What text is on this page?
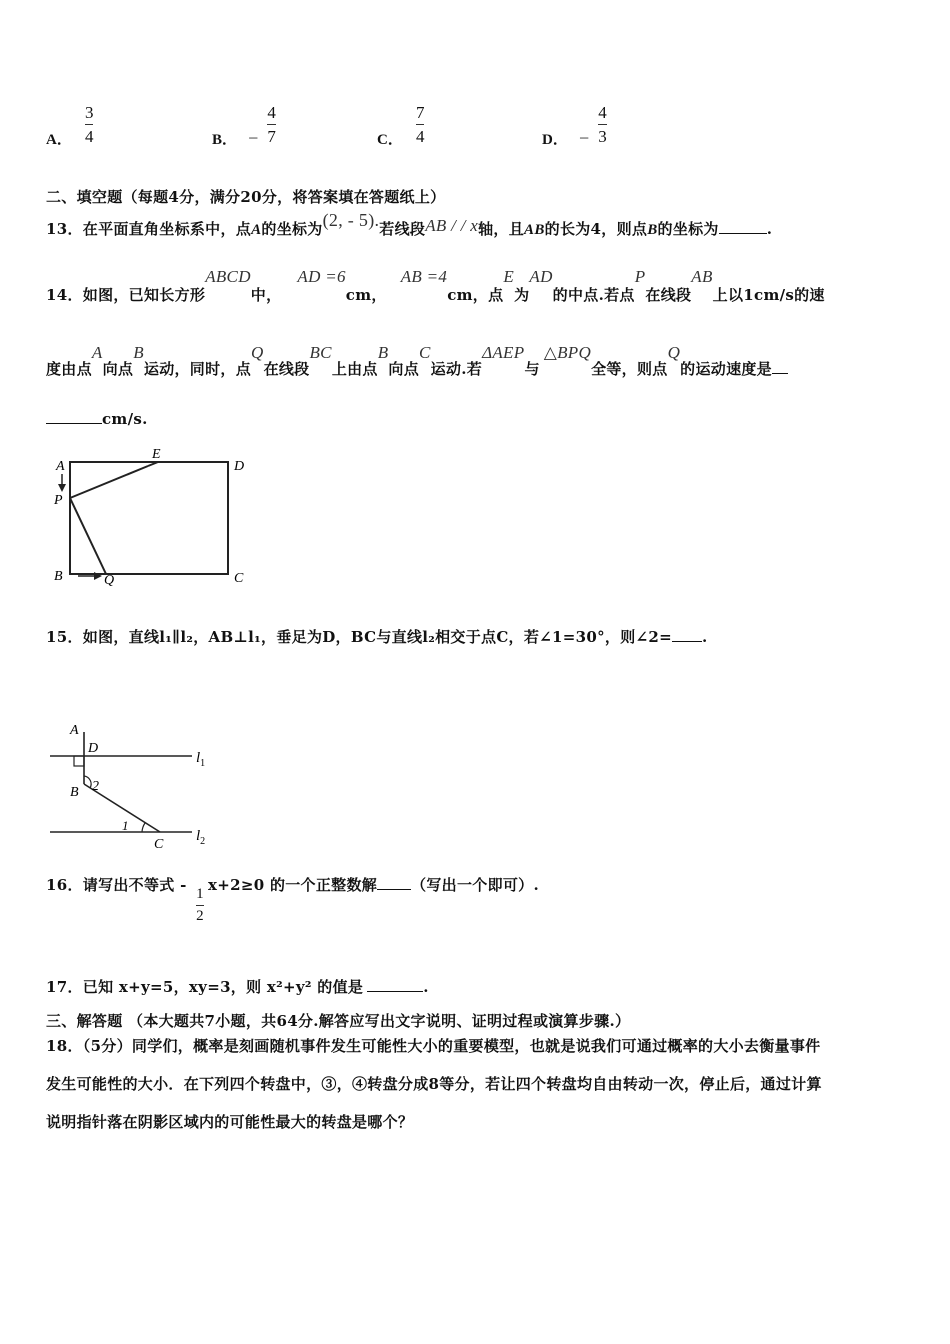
A． $\frac{3}{4}$	B． − $\frac{4}{7}$	C． $\frac{7}{4}$	D． − $\frac{4}{3}$
二、填空题（每题4分，满分20分，将答案填在答题纸上）
13．在平面直角坐标系中，点A的坐标为(2, - 5).若线段AB / / x轴，且AB的长为4，则点B的坐标为	.
14．如图，已知长方形ABCD中，AD =6cm，AB =4cm，点E为AD的中点.若点P在线段AB上以1cm/s的速
度由点A向点B运动，同时，点Q在线段BC上由点B向点C运动.若ΔAEP与△BPQ全等，则点Q的运动速度是
cm/s.
A
P
B
E
D
C
Q
15．如图，直线l₁∥l₂，AB⊥l₁，垂足为D，BC与直线l₂相交于点C，若∠1=30°，则∠2= .
A
D
B 2
1
C
$l_1$
$l_2$
16．请写出不等式 -
$\frac{1}{2}$
x+2≥0 的一个正整数解 （写出一个即可）.
17．已知 x+y=5，xy=3，则 x²+y² 的值是	.
三、解答题 （本大题共7小题，共64分.解答应写出文字说明、证明过程或演算步骤.）
18．（5分）同学们，概率是刻画随机事件发生可能性大小的重要模型，也就是说我们可通过概率的大小去衡量事件
发生可能性的大小．在下列四个转盘中，③，④转盘分成8等分，若让四个转盘均自由转动一次，停止后，通过计算
说明指针落在阴影区域内的可能性最大的转盘是哪个？
